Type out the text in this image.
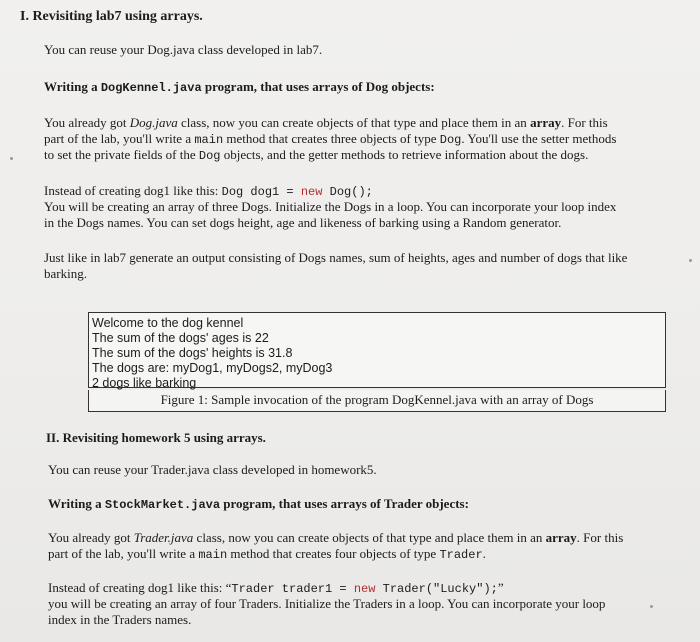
I. Revisiting lab7 using arrays.
You can reuse your Dog.java class developed in lab7.
Writing a DogKennel.java program, that uses arrays of Dog objects:
You already got Dog.java class, now you can create objects of that type and place them in an array. For this
part of the lab, you'll write a main method that creates three objects of type Dog. You'll use the setter methods
to set the private fields of the Dog objects, and the getter methods to retrieve information about the dogs.
Instead of creating dog1 like this: Dog dog1 = new Dog();
You will be creating an array of three Dogs. Initialize the Dogs in a loop. You can incorporate your loop index
in the Dogs names. You can set dogs height, age and likeness of barking using a Random generator.
Just like in lab7 generate an output consisting of Dogs names, sum of heights, ages and number of dogs that like
barking.
Welcome to the dog kennel
The sum of the dogs' ages is 22
The sum of the dogs' heights is 31.8
The dogs are: myDog1, myDogs2, myDog3
2 dogs like barking
Figure 1: Sample invocation of the program DogKennel.java with an array of Dogs
II. Revisiting homework 5 using arrays.
You can reuse your Trader.java class developed in homework5.
Writing a StockMarket.java program, that uses arrays of Trader objects:
You already got Trader.java class, now you can create objects of that type and place them in an array. For this
part of the lab, you'll write a main method that creates four objects of type Trader.
Instead of creating dog1 like this: “Trader trader1 = new Trader("Lucky");”
you will be creating an array of four Traders. Initialize the Traders in a loop. You can incorporate your loop
index in the Traders names.
